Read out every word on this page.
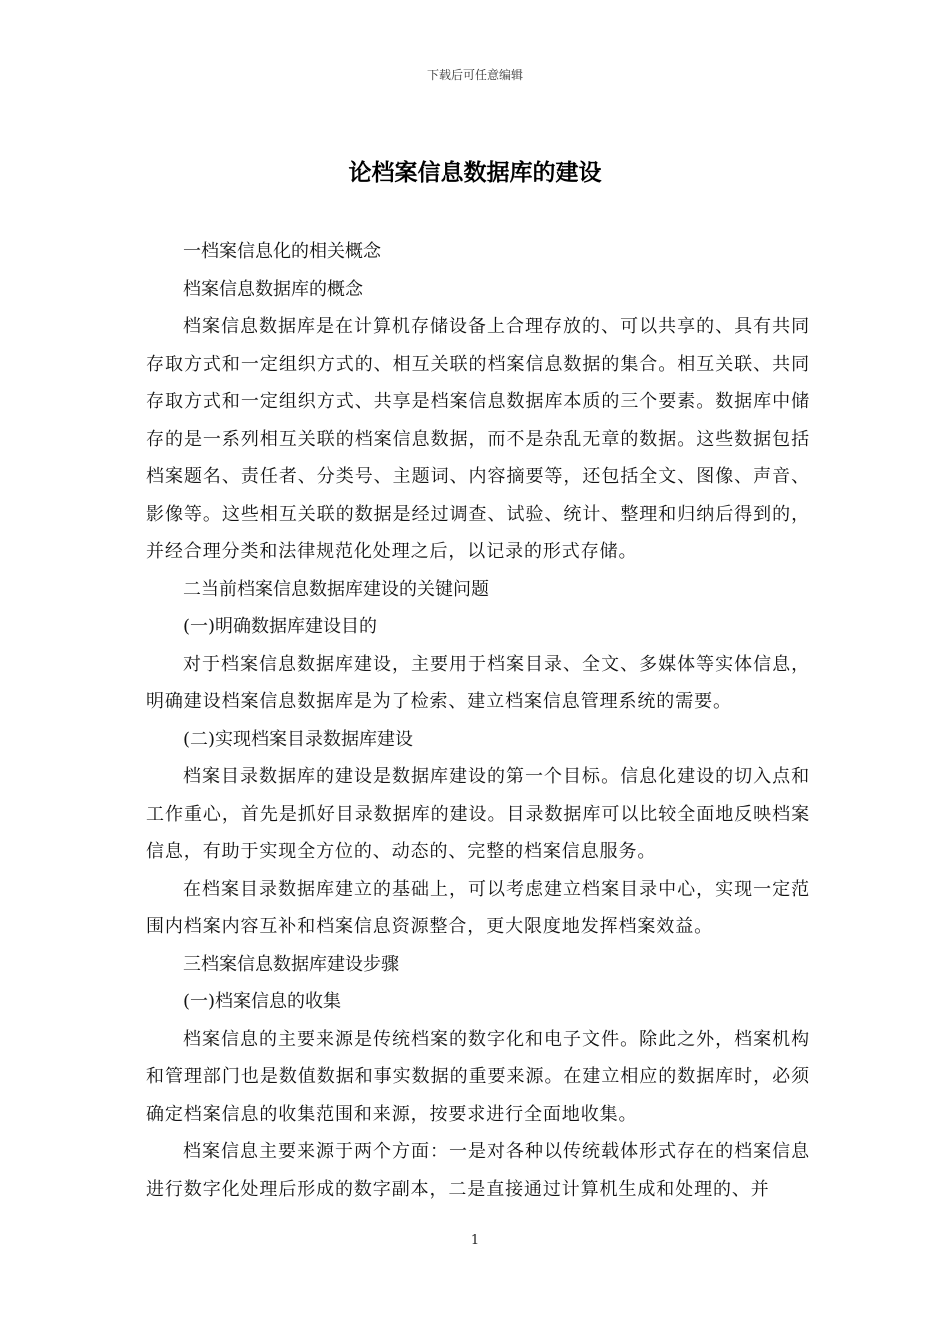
下载后可任意编辑
论档案信息数据库的建设

一档案信息化的相关概念

档案信息数据库的概念

档案信息数据库是在计算机存储设备上合理存放的、可以共享的、具有共同存取方式和一定组织方式的、相互关联的档案信息数据的集合。相互关联、共同存取方式和一定组织方式、共享是档案信息数据库本质的三个要素。数据库中储存的是一系列相互关联的档案信息数据，而不是杂乱无章的数据。这些数据包括档案题名、责任者、分类号、主题词、内容摘要等，还包括全文、图像、声音、影像等。这些相互关联的数据是经过调查、试验、统计、整理和归纳后得到的，并经合理分类和法律规范化处理之后，以记录的形式存储。

二当前档案信息数据库建设的关键问题

(一)明确数据库建设目的

对于档案信息数据库建设，主要用于档案目录、全文、多媒体等实体信息，明确建设档案信息数据库是为了检索、建立档案信息管理系统的需要。

(二)实现档案目录数据库建设

档案目录数据库的建设是数据库建设的第一个目标。信息化建设的切入点和工作重心，首先是抓好目录数据库的建设。目录数据库可以比较全面地反映档案信息，有助于实现全方位的、动态的、完整的档案信息服务。

在档案目录数据库建立的基础上，可以考虑建立档案目录中心，实现一定范围内档案内容互补和档案信息资源整合，更大限度地发挥档案效益。

三档案信息数据库建设步骤

(一)档案信息的收集

档案信息的主要来源是传统档案的数字化和电子文件。除此之外，档案机构和管理部门也是数值数据和事实数据的重要来源。在建立相应的数据库时，必须确定档案信息的收集范围和来源，按要求进行全面地收集。

档案信息主要来源于两个方面：一是对各种以传统载体形式存在的档案信息进行数字化处理后形成的数字副本，二是直接通过计算机生成和处理的、并

1
